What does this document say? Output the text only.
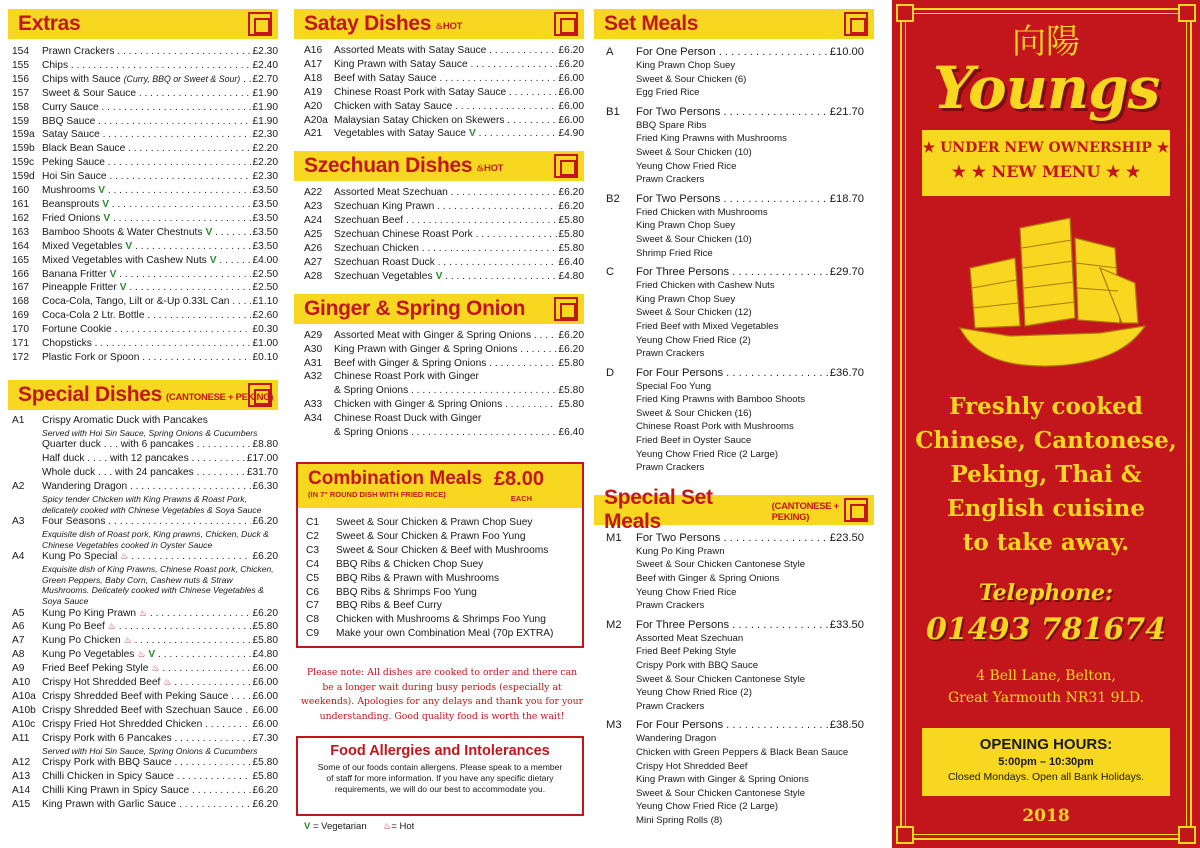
Extras
154	Prawn Crackers . . .	£2.30
155	Chips . . .	£2.40
156	Chips with Sauce (Curry, BBQ or Sweet & Sour) . . .	£2.70
157	Sweet & Sour Sauce . . .	£1.90
158	Curry Sauce . . .	£1.90
159	BBQ Sauce . . .	£1.90
159a Satay Sauce . . .	£2.30
159b Black Bean Sauce . . .	£2.20
159c Peking Sauce . . .	£2.20
159d Hoi Sin Sauce . . .	£2.30
160	Mushrooms V . . .	£3.50
161	Beansprouts V . . .	£3.50
162	Fried Onions V . . .	£3.50
163	Bamboo Shoots & Water Chestnuts V . . .	£3.50
164	Mixed Vegetables V . . .	£3.50
165	Mixed Vegetables with Cashew Nuts V . . .	£4.00
166	Banana Fritter V . . .	£2.50
167	Pineapple Fritter V . . .	£2.50
168	Coca-Cola, Tango, Lilt or &-Up 0.33L Can . . .	£1.10
169	Coca-Cola 2 Ltr. Bottle . . .	£2.60
170	Fortune Cookie . . .	£0.30
171	Chopsticks . . .	£1.00
172	Plastic Fork or Spoon . . .	£0.10
Special Dishes (CANTONESE + PEKING)
A1	Crispy Aromatic Duck with Pancakes
Served with Hoi Sin Sauce, Spring Onions & Cucumbers
Quarter duck . . . with 6 pancakes . . .	£8.80
Half duck . . . . with 12 pancakes . . .	£17.00
Whole duck . . . with 24 pancakes . . .	£31.70
A2	Wandering Dragon . . .	£6.30
Spicy tender Chicken with King Prawns & Roast Pork, delicately cooked with Chinese Vegetables & Soya Sauce
A3	Four Seasons . . .	£6.20
Exquisite dish of Roast pork, King prawns, Chicken, Duck & Chinese Vegetables cooked in Oyster Sauce
A4	Kung Po Special♨ . . .	£6.20
Exquisite dish of King Prawns, Chinese Roast pork, Chicken, Green Peppers, Baby Corn, Cashew nuts & Straw Mushrooms. Delicately cooked with Chinese Vegetables & Soya Sauce
A5	Kung Po King Prawn♨ . . .	£6.20
A6	Kung Po Beef♨ . . .	£5.80
A7	Kung Po Chicken♨ . . .	£5.80
A8	Kung Po Vegetables ♨ V . . .	£4.80
A9	Fried Beef Peking Style♨ . . .	£6.00
A10	Crispy Hot Shredded Beef♨ . . .	£6.00
A10a Crispy Shredded Beef with Peking Sauce . . .	£6.00
A10b Crispy Shredded Beef with Szechuan Sauce . . . £6.00
A10c Crispy Fried Hot Shredded Chicken . . .	£6.00
A11	Crispy Pork with 6 Pancakes . . .	£7.30
Served with Hoi Sin Sauce, Spring Onions & Cucumbers
A12	Crispy Pork with BBQ Sauce . . .	£5.80
A13	Chilli Chicken in Spicy Sauce . . .	£5.80
A14	Chilli King Prawn in Spicy Sauce . . .	£6.20
A15	King Prawn with Garlic Sauce . . .	£6.20
Satay Dishes ♨	HOT
A16	Assorted Meats with Satay Sauce . . .	£6.20
A17	King Prawn with Satay Sauce . . .	£6.20
A18	Beef with Satay Sauce . . .	£6.00
A19	Chinese Roast Pork with Satay Sauce . . .	£6.00
A20	Chicken with Satay Sauce . . .	£6.00
A20a Malaysian Satay Chicken on Skewers . . .	£6.00
A21	Vegetables with Satay Sauce V . . .	£4.90
Szechuan Dishes ♨	HOT
A22	Assorted Meat Szechuan . . .	£6.20
A23	Szechuan King Prawn . . .	£6.20
A24	Szechuan Beef . . .	£5.80
A25	Szechuan Chinese Roast Pork . . .	£5.80
A26	Szechuan Chicken . . .	£5.80
A27	Szechuan Roast Duck . . .	£6.40
A28	Szechuan Vegetables V . . .	£4.80
Ginger & Spring Onion
A29	Assorted Meat with Ginger & Spring Onions . . .	£6.20
A30	King Prawn with Ginger & Spring Onions . . .	£6.20
A31	Beef with Ginger & Spring Onions . . .	£5.80
A32	Chinese Roast Pork with Ginger
& Spring Onions . . .	£5.80
A33	Chicken with Ginger & Spring Onions . . .	£5.80
A34	Chinese Roast Duck with Ginger
& Spring Onions . . .	£6.40
Combination Meals
(IN 7" ROUND DISH WITH FRIED RICE)
£8.00
EACH
C1	Sweet & Sour Chicken & Prawn Chop Suey
C2	Sweet & Sour Chicken & Prawn Foo Yung
C3	Sweet & Sour Chicken & Beef with Mushrooms
C4	BBQ Ribs & Chicken Chop Suey
C5	BBQ Ribs & Prawn with Mushrooms
C6	BBQ Ribs & Shrimps Foo Yung
C7	BBQ Ribs & Beef Curry
C8	Chicken with Mushrooms & Shrimps Foo Yung
C9	Make your own Combination Meal (70p EXTRA)
Please note: All dishes are cooked to order and there can be a longer wait during busy periods (especially at weekends). Apologies for any delays and thank you for your understanding. Good quality food is worth the wait!
Food Allergies and Intolerances
Some of our foods contain allergens. Please speak to a member of staff for more information. If you have any specific dietary requirements, we will do our best to accommodate you.
V = Vegetarian ♨	= Hot
Set Meals
A	For One Person . . .	£10.00
King Prawn Chop Suey
Sweet & Sour Chicken (6)
Egg Fried Rice
B1	For Two Persons . . .	£21.70
BBQ Spare Ribs
Fried King Prawns with Mushrooms
Sweet & Sour Chicken (10)
Yeung Chow Fried Rice
Prawn Crackers
B2	For Two Persons . . .	£18.70
Fried Chicken with Mushrooms
King Prawn Chop Suey
Sweet & Sour Chicken (10)
Shrimp Fried Rice
C	For Three Persons . . .	£29.70
Fried Chicken with Cashew Nuts
King Prawn Chop Suey
Sweet & Sour Chicken (12)
Fried Beef with Mixed Vegetables
Yeung Chow Fried Rice (2)
Prawn Crackers
D	For Four Persons . . .	£36.70
Special Foo Yung
Fried King Prawns with Bamboo Shoots
Sweet & Sour Chicken (16)
Chinese Roast Pork with Mushrooms
Fried Beef in Oyster Sauce
Yeung Chow Fried Rice (2 Large)
Prawn Crackers
Special Set Meals
(CANTONESE + PEKING)
M1	For Two Persons . . .	£23.50
Kung Po King Prawn
Sweet & Sour Chicken Cantonese Style
Beef with Ginger & Spring Onions
Yeung Chow Fried Rice
Prawn Crackers
M2	For Three Persons . . .	£33.50
Assorted Meat Szechuan
Fried Beef Peking Style
Crispy Pork with BBQ Sauce
Sweet & Sour Chicken Cantonese Style
Yeung Chow Rried Rice (2)
Prawn Crackers
M3	For Four Persons . . .	£38.50
Wandering Dragon
Chicken with Green Peppers & Black Bean Sauce
Crispy Hot Shredded Beef
King Prawn with Ginger & Spring Onions
Sweet & Sour Chicken Cantonese Style
Yeung Chow Fried Rice (2 Large)
Mini Spring Rolls (8)
向陽
Youngs
★ UNDER NEW OWNERSHIP ★
★ ★ NEW MENU ★ ★
Freshly cooked
Chinese, Cantonese,
Peking, Thai &
English cuisine
to take away.
Telephone:
01493 781674
4 Bell Lane, Belton,
Great Yarmouth NR31 9LD.
OPENING HOURS:
5:00pm – 10:30pm
Closed Mondays. Open all Bank Holidays.
2018
